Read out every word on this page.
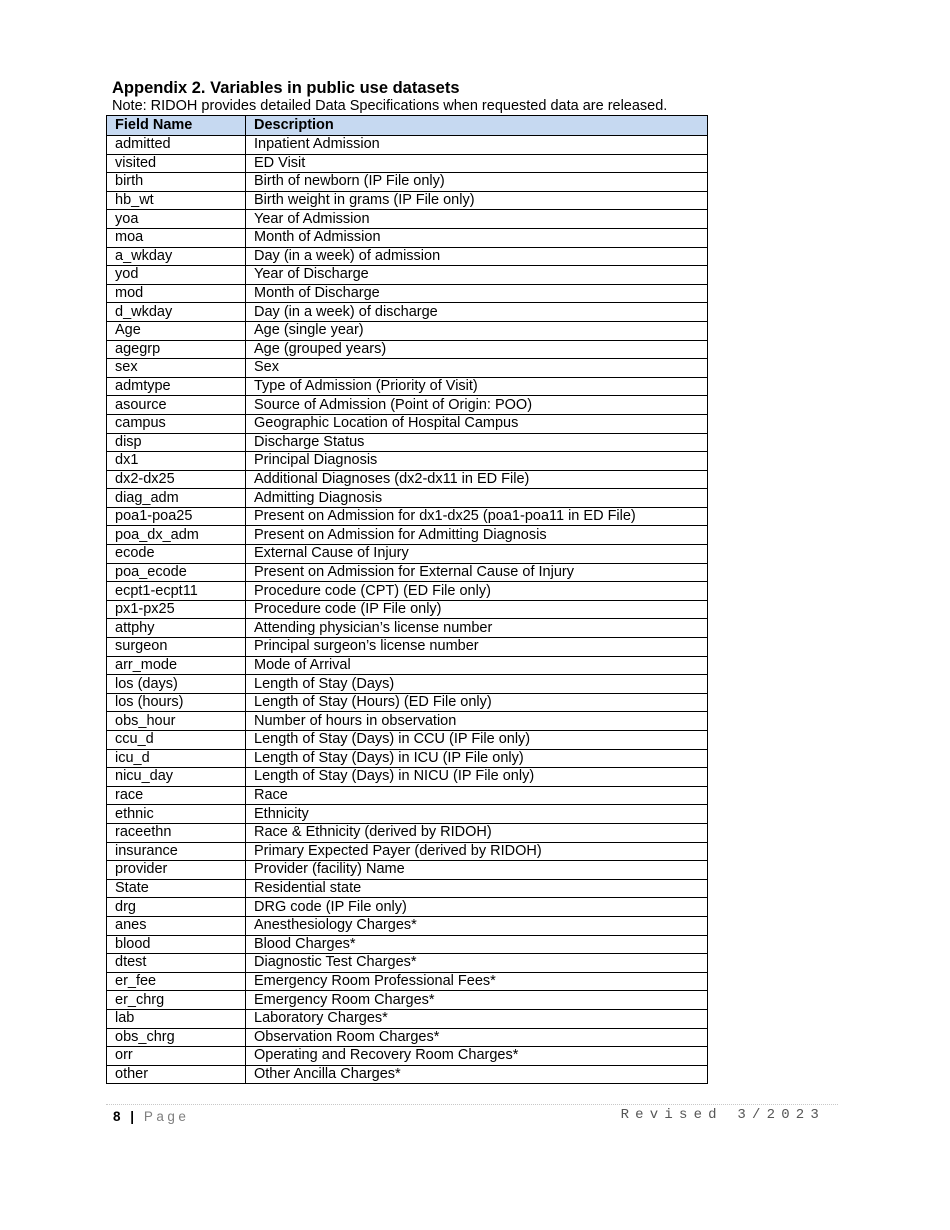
Appendix 2. Variables in public use datasets
Note: RIDOH provides detailed Data Specifications when requested data are released.
Field Name	Description
admitted	Inpatient Admission
visited	ED Visit
birth	Birth of newborn (IP File only)
hb_wt	Birth weight in grams (IP File only)
yoa	Year of Admission
moa	Month of Admission
a_wkday	Day (in a week) of admission
yod	Year of Discharge
mod	Month of Discharge
d_wkday	Day (in a week) of discharge
Age	Age (single year)
agegrp	Age (grouped years)
sex	Sex
admtype	Type of Admission (Priority of Visit)
asource	Source of Admission (Point of Origin: POO)
campus	Geographic Location of Hospital Campus
disp	Discharge Status
dx1	Principal Diagnosis
dx2-dx25	Additional Diagnoses (dx2-dx11 in ED File)
diag_adm	Admitting Diagnosis
poa1-poa25	Present on Admission for dx1-dx25 (poa1-poa11 in ED File)
poa_dx_adm	Present on Admission for Admitting Diagnosis
ecode	External Cause of Injury
poa_ecode	Present on Admission for External Cause of Injury
ecpt1-ecpt11	Procedure code (CPT) (ED File only)
px1-px25	Procedure code (IP File only)
attphy	Attending physician’s license number
surgeon	Principal surgeon’s license number
arr_mode	Mode of Arrival
los (days)	Length of Stay (Days)
los (hours)	Length of Stay (Hours) (ED File only)
obs_hour	Number of hours in observation
ccu_d	Length of Stay (Days) in CCU (IP File only)
icu_d	Length of Stay (Days) in ICU (IP File only)
nicu_day	Length of Stay (Days) in NICU (IP File only)
race	Race
ethnic	Ethnicity
raceethn	Race & Ethnicity (derived by RIDOH)
insurance	Primary Expected Payer (derived by RIDOH)
provider	Provider (facility) Name
State	Residential state
drg	DRG code (IP File only)
anes	Anesthesiology Charges*
blood	Blood Charges*
dtest	Diagnostic Test Charges*
er_fee	Emergency Room Professional Fees*
er_chrg	Emergency Room Charges*
lab	Laboratory Charges*
obs_chrg	Observation Room Charges*
orr	Operating and Recovery Room Charges*
other	Other Ancilla Charges*
8 | Page	Revised 3/2023
